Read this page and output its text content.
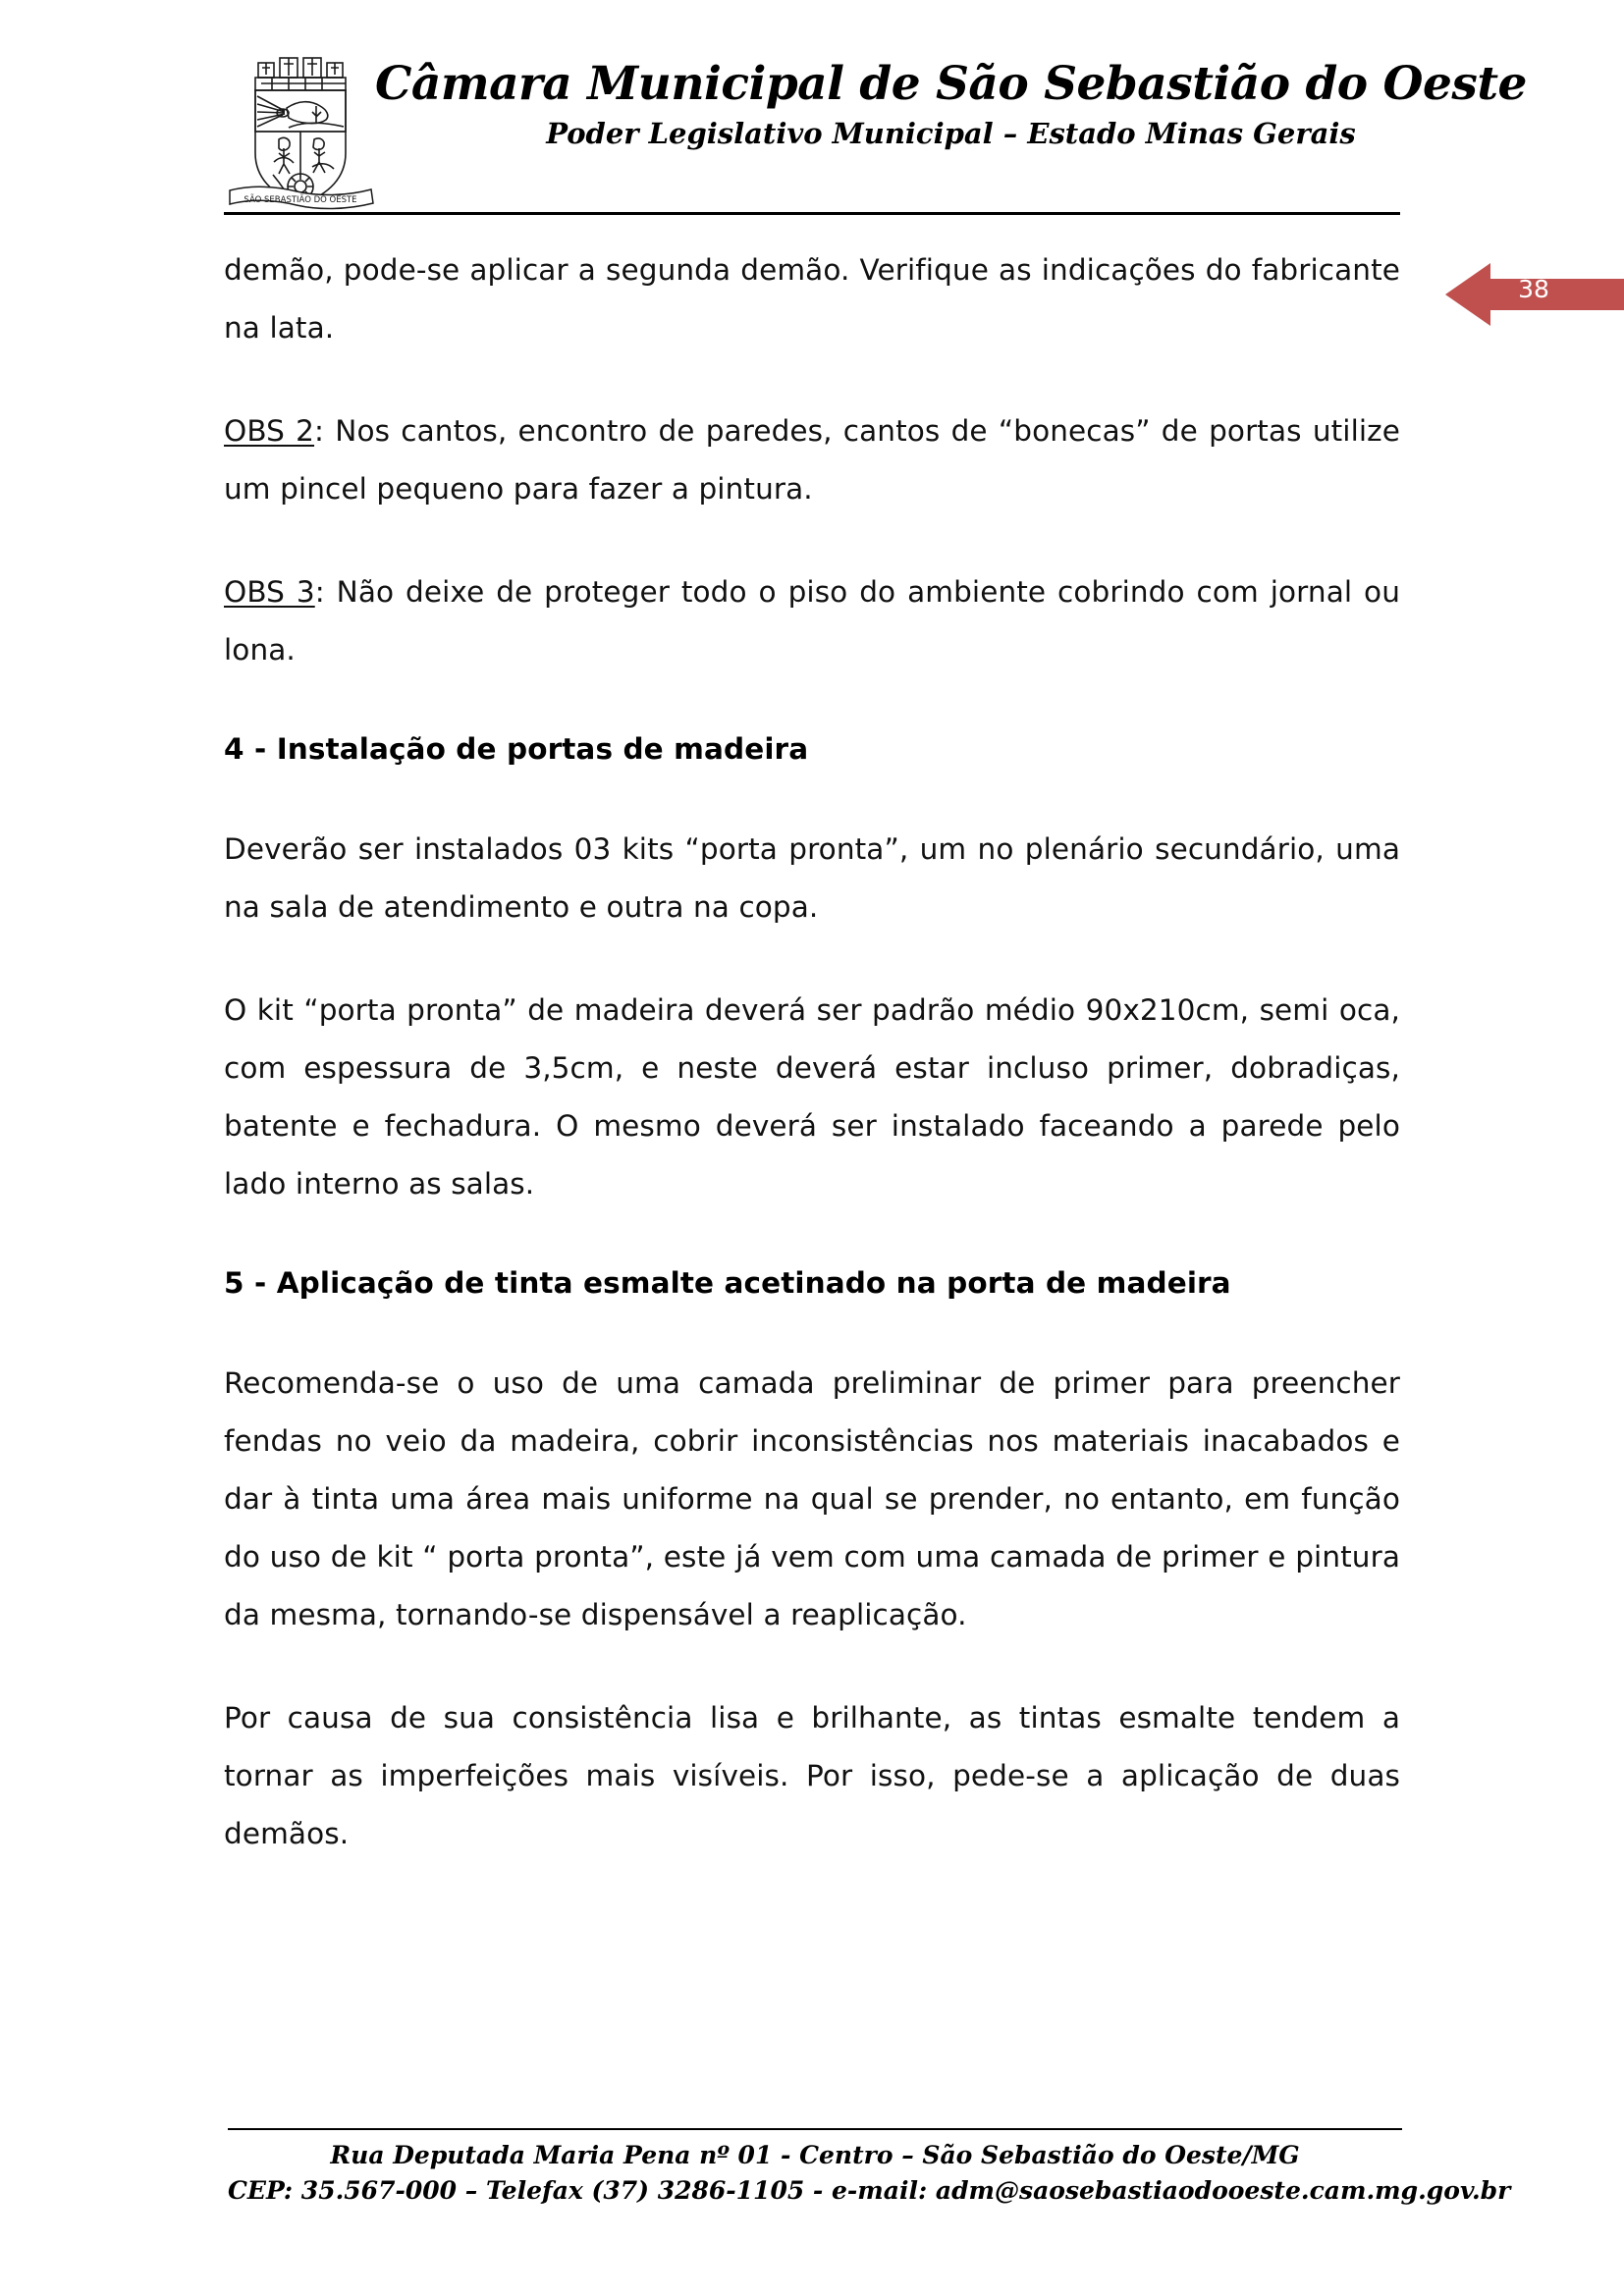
SÃO SEBASTIÃO DO OESTE
Câmara Municipal de São Sebastião do Oeste
Poder Legislativo Municipal – Estado Minas Gerais
38

demão, pode-se aplicar a segunda demão. Verifique as indicações do fabricante na lata.

OBS 2: Nos cantos, encontro de paredes, cantos de “bonecas” de portas utilize um pincel pequeno para fazer a pintura.

OBS 3: Não deixe de proteger todo o piso do ambiente cobrindo com jornal ou lona.

4 - Instalação de portas de madeira

Deverão ser instalados 03 kits “porta pronta”, um no plenário secundário, uma na sala de atendimento e outra na copa.

O kit “porta pronta” de madeira deverá ser padrão médio 90x210cm, semi oca, com espessura de 3,5cm, e neste deverá estar incluso primer, dobradiças, batente e fechadura. O mesmo deverá ser instalado faceando a parede pelo lado interno as salas.

5 - Aplicação de tinta esmalte acetinado na porta de madeira

Recomenda-se o uso de uma camada preliminar de primer para preencher fendas no veio da madeira, cobrir inconsistências nos materiais inacabados e dar à tinta uma área mais uniforme na qual se prender, no entanto, em função do uso de kit “ porta pronta”, este já vem com uma camada de primer e pintura da mesma, tornando-se dispensável a reaplicação.

Por causa de sua consistência lisa e brilhante, as tintas esmalte tendem a tornar as imperfeições mais visíveis. Por isso, pede-se a aplicação de duas demãos.

Rua Deputada Maria Pena nº 01 - Centro – São Sebastião do Oeste/MG
CEP: 35.567-000 – Telefax (37) 3286-1105 - e-mail: adm@saosebastiaodooeste.cam.mg.gov.br
